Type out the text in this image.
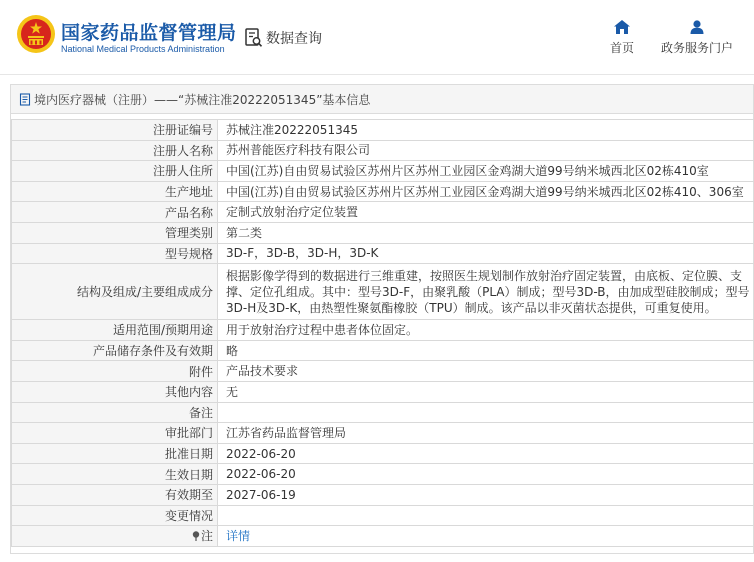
国家药品监督管理局
National Medical Products Administration
数据查询
首页	政务服务门户
境内医疗器械（注册）——“苏械注准20222051345”基本信息
注册证编号	苏械注准20222051345
注册人名称	苏州普能医疗科技有限公司
注册人住所	中国(江苏)自由贸易试验区苏州片区苏州工业园区金鸡湖大道99号纳米城西北区02栋410室
生产地址	中国(江苏)自由贸易试验区苏州片区苏州工业园区金鸡湖大道99号纳米城西北区02栋410、306室
产品名称	定制式放射治疗定位装置
管理类别	第二类
型号规格	3D-F，3D-B，3D-H，3D-K
结构及组成/主要组成成分	根据影像学得到的数据进行三维重建，按照医生规划制作放射治疗固定装置，由底板、定位膜、支撑、定位孔组成。其中：型号3D-F，由聚乳酸（PLA）制成；型号3D-B，由加成型硅胶制成；型号3D-H及3D-K，由热塑性聚氨酯橡胶（TPU）制成。该产品以非灭菌状态提供，可重复使用。
适用范围/预期用途	用于放射治疗过程中患者体位固定。
产品储存条件及有效期	略
附件	产品技术要求
其他内容	无
备注	
审批部门	江苏省药品监督管理局
批准日期	2022-06-20
生效日期	2022-06-20
有效期至	2027-06-19
变更情况	

注	详情
